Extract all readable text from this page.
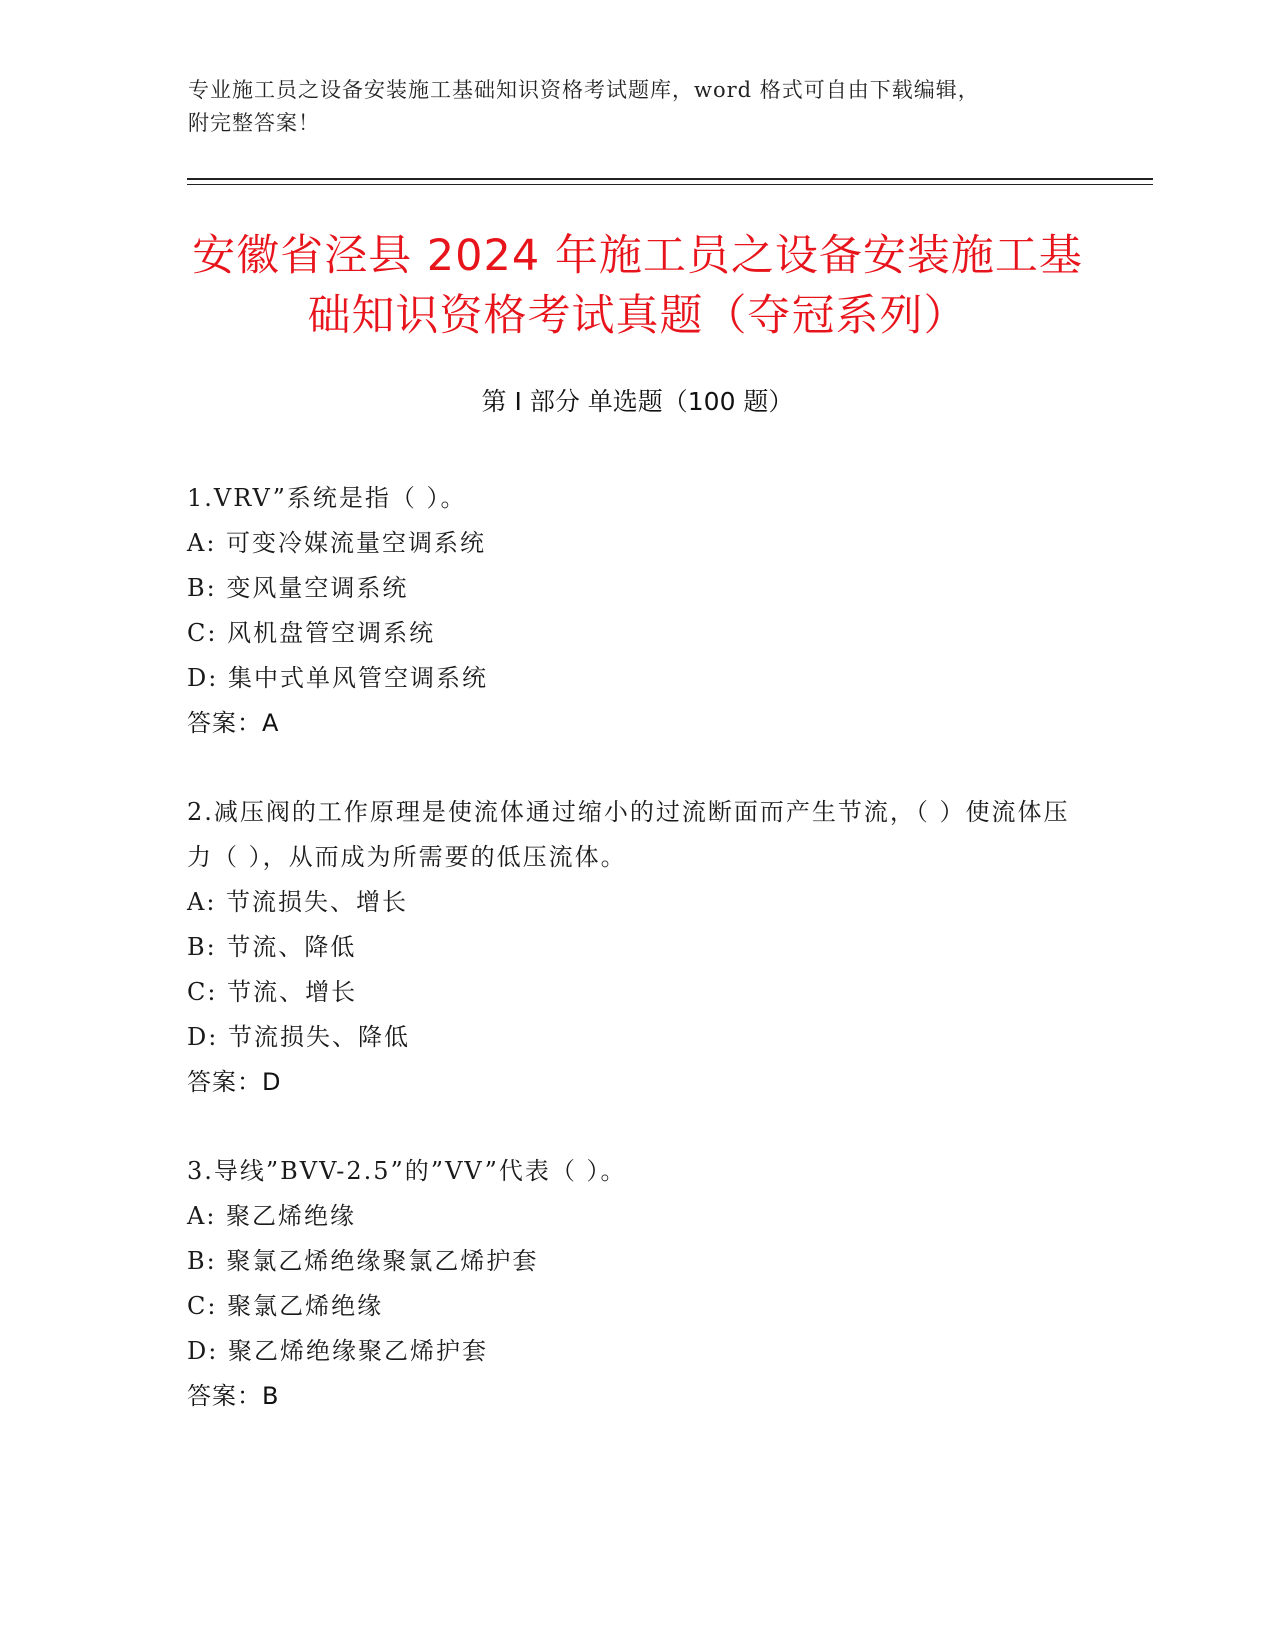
专业施工员之设备安装施工基础知识资格考试题库，word 格式可自由下载编辑，
附完整答案！
安徽省泾县 2024 年施工员之设备安装施工基
础知识资格考试真题（夺冠系列）
第 I 部分 单选题（100 题）
1.VRV”系统是指（ ）。
A: 可变冷媒流量空调系统
B: 变风量空调系统
C: 风机盘管空调系统
D: 集中式单风管空调系统
答案：A
2.减压阀的工作原理是使流体通过缩小的过流断面而产生节流，（ ）使流体压力（ ），从而成为所需要的低压流体。
A: 节流损失、增长
B: 节流、降低
C: 节流、增长
D: 节流损失、降低
答案：D
3.导线”BVV-2.5”的”VV”代表（ ）。
A: 聚乙烯绝缘
B: 聚氯乙烯绝缘聚氯乙烯护套
C: 聚氯乙烯绝缘
D: 聚乙烯绝缘聚乙烯护套
答案：B
